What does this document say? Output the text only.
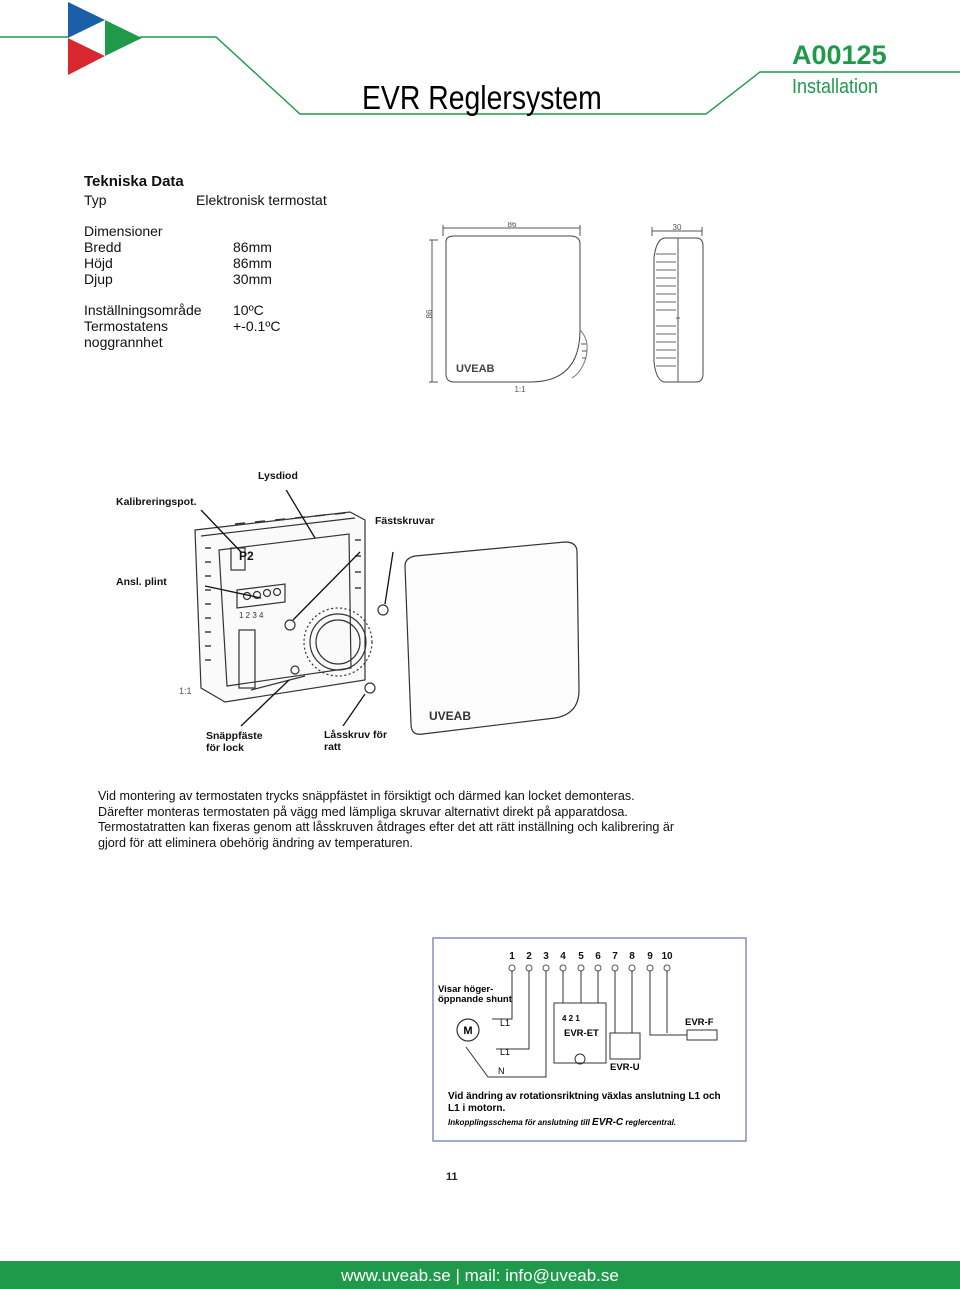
EVR Reglersystem
A00125
Installation
Tekniska Data
Typ	Elektronisk termostat
Dimensioner
Bredd	86mm
Höjd	86mm
Djup	30mm
Inställningsområde 10ºC
Termostatens	+-0.1ºC
noggrannhet
86
86
UVEAB
1:1
30
P2
1 2 3 4
1:1
UVEAB
Lysdiod
Kalibreringspot.
Fästskruvar
Ansl. plint
Snäppfäste
för lock
Låsskruv för
ratt
Vid montering av termostaten trycks snäppfästet in försiktigt och därmed kan locket demonteras.
Därefter monteras termostaten på vägg med lämpliga skruvar alternativt direkt på apparatdosa.
Termostatratten kan fixeras genom att låsskruven åtdrages efter det att rätt inställning och kalibrering är
gjord för att eliminera obehörig ändring av temperaturen.
1 2 3 4 5 6 7 8 9 10
M
Visar höger-
öppnande shunt
L1
L1
N
4 2 1
EVR-ET
EVR-U
EVR-F
Vid ändring av rotationsriktning växlas anslutning L1 och
L1 i motorn.
Inkopplingsschema för anslutning till EVR-C reglercentral.
11
www.uveab.se | mail: info@uveab.se
